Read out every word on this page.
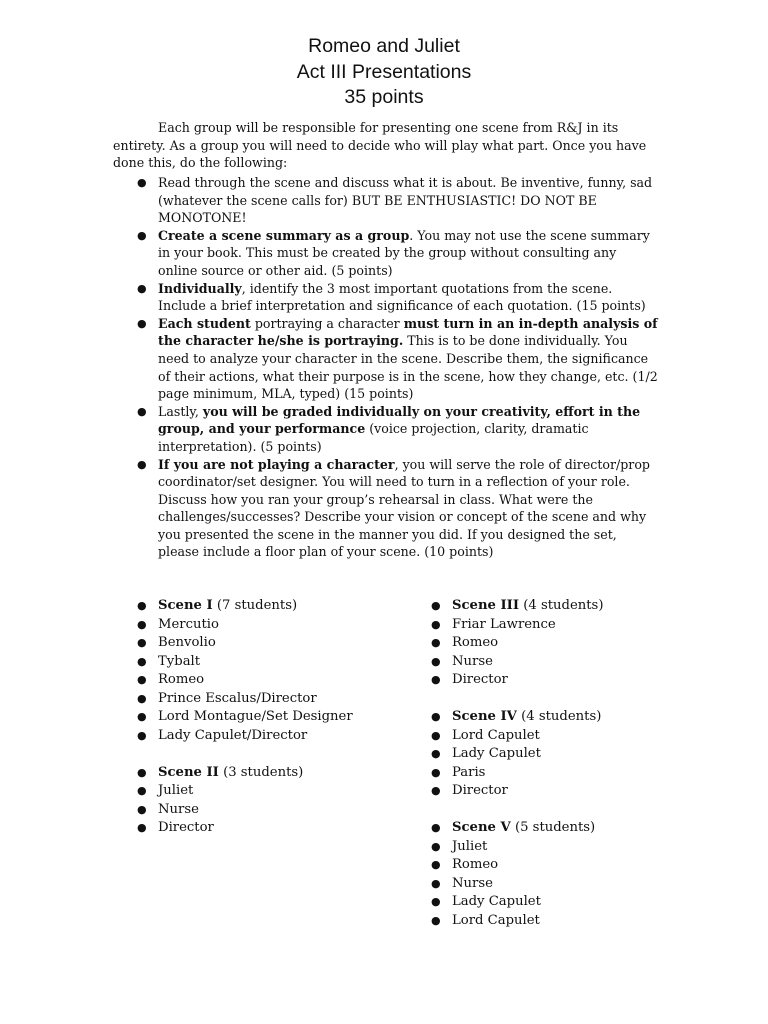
Romeo and Juliet
Act III Presentations
35 points

Each group will be responsible for presenting one scene from R&J in its entirety. As a group you will need to decide who will play what part. Once you have done this, do the following:

● Read through the scene and discuss what it is about. Be inventive, funny, sad (whatever the scene calls for) BUT BE ENTHUSIASTIC! DO NOT BE MONOTONE!
● Create a scene summary as a group. You may not use the scene summary in your book. This must be created by the group without consulting any online source or other aid. (5 points)
● Individually, identify the 3 most important quotations from the scene. Include a brief interpretation and significance of each quotation. (15 points)
● Each student portraying a character must turn in an in-depth analysis of the character he/she is portraying. This is to be done individually. You need to analyze your character in the scene. Describe them, the significance of their actions, what their purpose is in the scene, how they change, etc. (1/2 page minimum, MLA, typed) (15 points)
● Lastly, you will be graded individually on your creativity, effort in the group, and your performance (voice projection, clarity, dramatic interpretation). (5 points)
● If you are not playing a character, you will serve the role of director/prop coordinator/set designer. You will need to turn in a reflection of your role. Discuss how you ran your group’s rehearsal in class. What were the challenges/successes? Describe your vision or concept of the scene and why you presented the scene in the manner you did. If you designed the set, please include a floor plan of your scene. (10 points)
● Scene I (7 students)
● Mercutio
● Benvolio
● Tybalt
● Romeo
● Prince Escalus/Director
● Lord Montague/Set Designer
● Lady Capulet/Director
● Scene II (3 students)
● Juliet
● Nurse
● Director
● Scene III (4 students)
● Friar Lawrence
● Romeo
● Nurse
● Director
● Scene IV (4 students)
● Lord Capulet
● Lady Capulet
● Paris
● Director
● Scene V (5 students)
● Juliet
● Romeo
● Nurse
● Lady Capulet
● Lord Capulet
